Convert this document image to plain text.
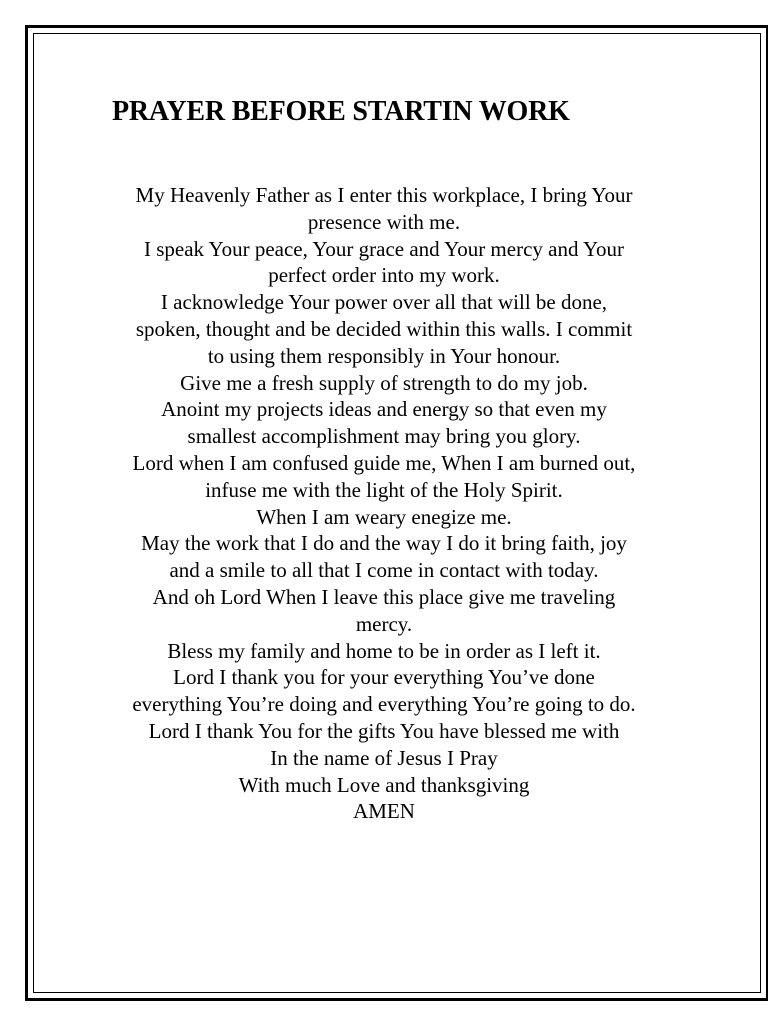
PRAYER BEFORE STARTIN WORK
My Heavenly Father as I enter this workplace, I bring Your
presence with me.
I speak Your peace, Your grace and Your mercy and Your
perfect order into my work.
I acknowledge Your power over all that will be done,
spoken, thought and be decided within this walls. I commit
to using them responsibly in Your honour.
Give me a fresh supply of strength to do my job.
Anoint my projects ideas and energy so that even my
smallest accomplishment may bring you glory.
Lord when I am confused guide me, When I am burned out,
infuse me with the light of the Holy Spirit.
When I am weary enegize me.
May the work that I do and the way I do it bring faith, joy
and a smile to all that I come in contact with today.
And oh Lord When I leave this place give me traveling
mercy.
Bless my family and home to be in order as I left it.
Lord I thank you for your everything You’ve done
everything You’re doing and everything You’re going to do.
Lord I thank You for the gifts You have blessed me with
In the name of Jesus I Pray
With much Love and thanksgiving
AMEN
